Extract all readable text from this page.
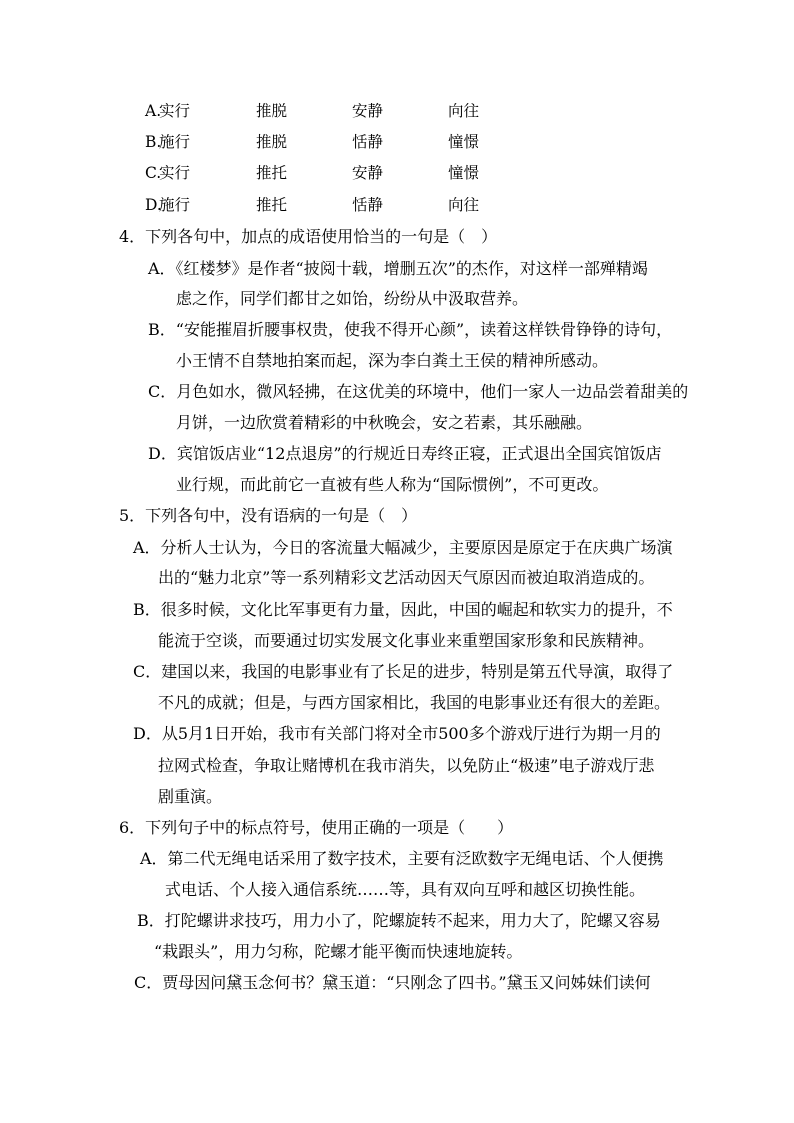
A.
实行	推脱	安静	向往
B.
施行	推脱	恬静	憧憬
C.
实行	推托	安静	憧憬
D.
施行	推托	恬静	向往
4．下列各句中，加点的成语使用恰当的一句是（　）
A．《红楼梦》是作者“披阅十载，增删五次”的杰作，对这样一部殚精竭
虑之作，同学们都甘之如饴，纷纷从中汲取营养。
B．“安能摧眉折腰事权贵，使我不得开心颜”，读着这样铁骨铮铮的诗句，
小王情不自禁地拍案而起，深为李白粪土王侯的精神所感动。
C．月色如水，微风轻拂，在这优美的环境中，他们一家人一边品尝着甜美的
月饼，一边欣赏着精彩的中秋晚会，安之若素，其乐融融。
D．宾馆饭店业“12点退房”的行规近日寿终正寝，正式退出全国宾馆饭店
业行规，而此前它一直被有些人称为“国际惯例”，不可更改。
5．下列各句中，没有语病的一句是（　）
A．分析人士认为，今日的客流量大幅减少，主要原因是原定于在庆典广场演
出的“魅力北京”等一系列精彩文艺活动因天气原因而被迫取消造成的。
B．很多时候，文化比军事更有力量，因此，中国的崛起和软实力的提升，不
能流于空谈，而要通过切实发展文化事业来重塑国家形象和民族精神。
C．建国以来，我国的电影事业有了长足的进步，特别是第五代导演，取得了
不凡的成就；但是，与西方国家相比，我国的电影事业还有很大的差距。
D．从5月1日开始，我市有关部门将对全市500多个游戏厅进行为期一月的
拉网式检查，争取让赌博机在我市消失，以免防止“极速”电子游戏厅悲
剧重演。
6．下列句子中的标点符号，使用正确的一项是（　　）
A．第二代无绳电话采用了数字技术，主要有泛欧数字无绳电话、个人便携
式电话、个人接入通信系统……等，具有双向互呼和越区切换性能。
B．打陀螺讲求技巧，用力小了，陀螺旋转不起来，用力大了，陀螺又容易
“栽跟头”，用力匀称，陀螺才能平衡而快速地旋转。
C．贾母因问黛玉念何书？黛玉道：“只刚念了四书。”黛玉又问姊妹们读何
